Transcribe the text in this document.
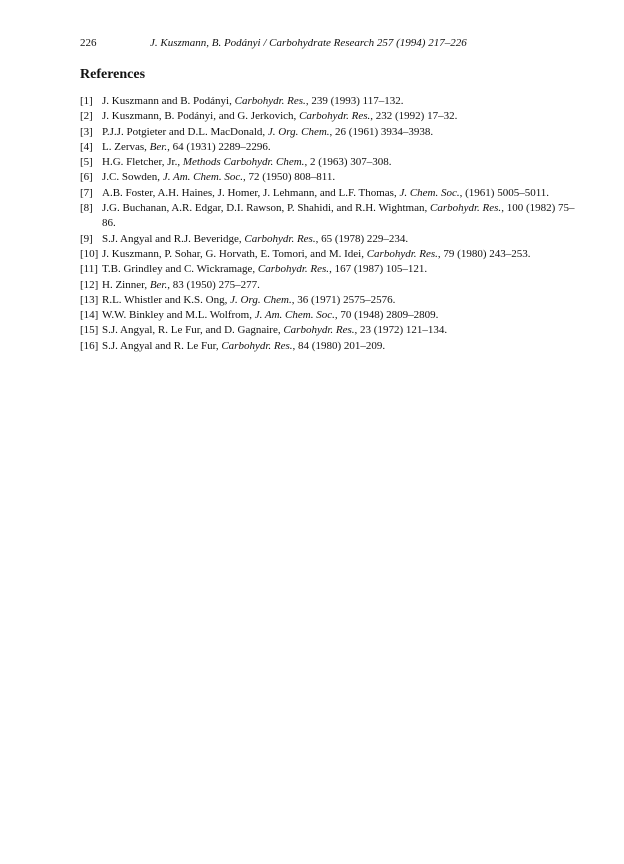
226	J. Kuszmann, B. Podányi / Carbohydrate Research 257 (1994) 217–226
References
[1] J. Kuszmann and B. Podányi, Carbohydr. Res., 239 (1993) 117–132.
[2] J. Kuszmann, B. Podányi, and G. Jerkovich, Carbohydr. Res., 232 (1992) 17–32.
[3] P.J.J. Potgieter and D.L. MacDonald, J. Org. Chem., 26 (1961) 3934–3938.
[4] L. Zervas, Ber., 64 (1931) 2289–2296.
[5] H.G. Fletcher, Jr., Methods Carbohydr. Chem., 2 (1963) 307–308.
[6] J.C. Sowden, J. Am. Chem. Soc., 72 (1950) 808–811.
[7] A.B. Foster, A.H. Haines, J. Homer, J. Lehmann, and L.F. Thomas, J. Chem. Soc., (1961) 5005–5011.
[8] J.G. Buchanan, A.R. Edgar, D.I. Rawson, P. Shahidi, and R.H. Wightman, Carbohydr. Res., 100 (1982) 75–86.
[9] S.J. Angyal and R.J. Beveridge, Carbohydr. Res., 65 (1978) 229–234.
[10] J. Kuszmann, P. Sohar, G. Horvath, E. Tomori, and M. Idei, Carbohydr. Res., 79 (1980) 243–253.
[11] T.B. Grindley and C. Wickramage, Carbohydr. Res., 167 (1987) 105–121.
[12] H. Zinner, Ber., 83 (1950) 275–277.
[13] R.L. Whistler and K.S. Ong, J. Org. Chem., 36 (1971) 2575–2576.
[14] W.W. Binkley and M.L. Wolfrom, J. Am. Chem. Soc., 70 (1948) 2809–2809.
[15] S.J. Angyal, R. Le Fur, and D. Gagnaire, Carbohydr. Res., 23 (1972) 121–134.
[16] S.J. Angyal and R. Le Fur, Carbohydr. Res., 84 (1980) 201–209.
